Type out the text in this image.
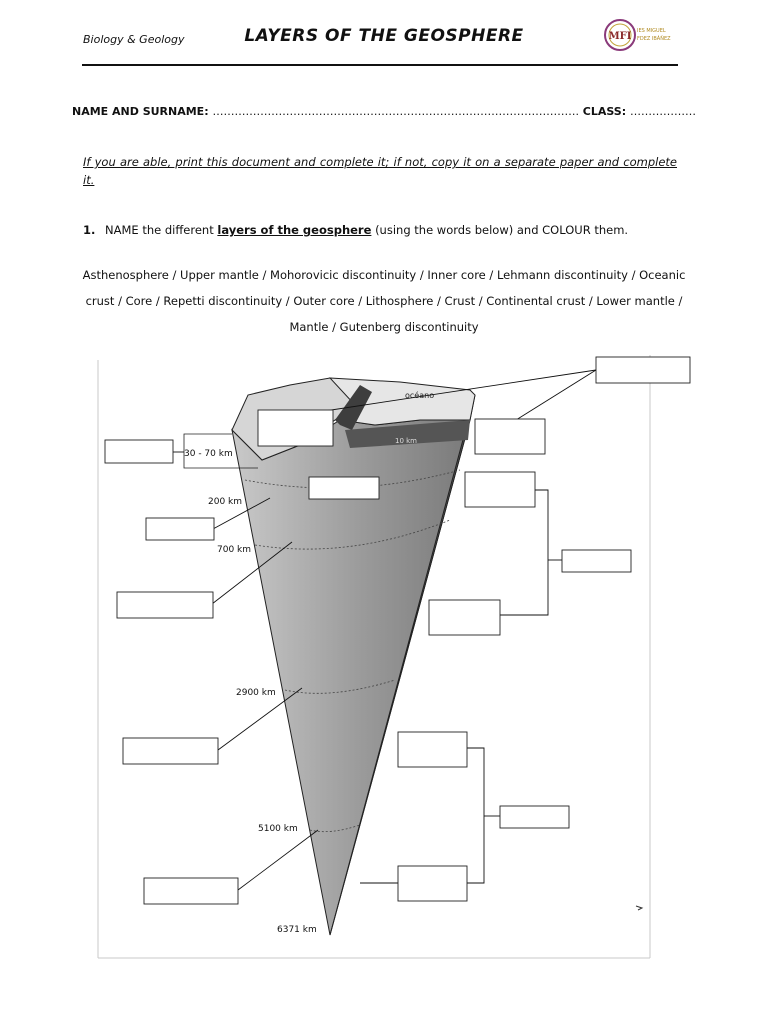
Biology & Geology	LAYERS OF THE GEOSPHERE	MFI IES MIGUEL
FDEZ IBÁÑEZ
NAME AND SURNAME: ………………………………………………………………………………………. CLASS: ………………
If you are able, print this document and complete it; if not, copy it on a separate paper and complete it.
1. NAME the different layers of the geosphere (using the words below) and COLOUR them.
Asthenosphere / Upper mantle / Mohorovicic discontinuity / Inner core / Lehmann discontinuity / Oceanic crust / Core / Repetti discontinuity / Outer core / Lithosphere / Crust / Continental crust / Lower mantle / Mantle / Gutenberg discontinuity
océano
10 km
30 - 70 km
200 km
700 km
2900 km
5100 km
6371 km
